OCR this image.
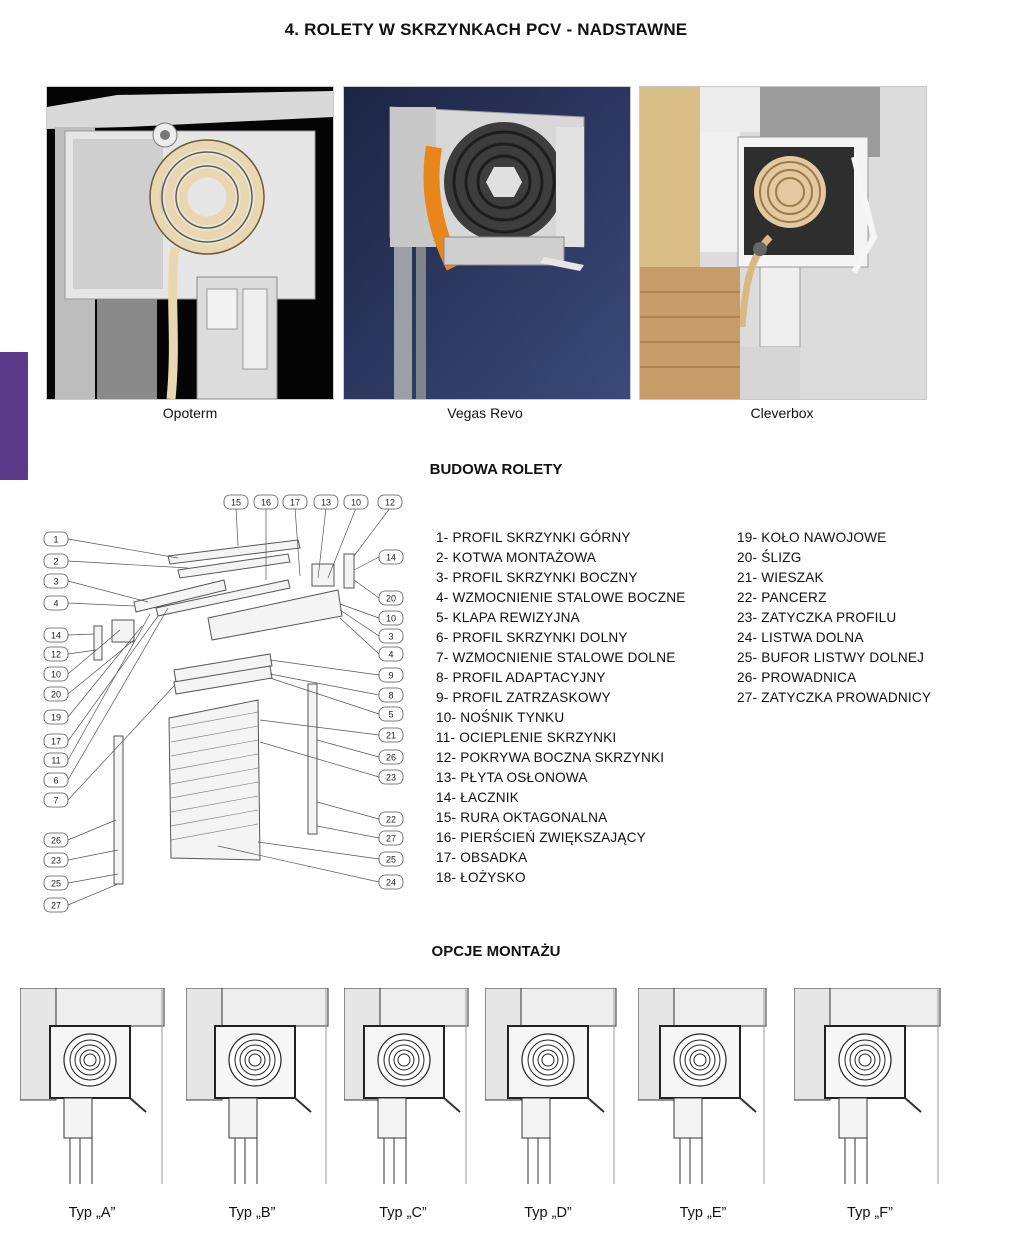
4. ROLETY W SKRZYNKACH PCV - NADSTAWNE
Opoterm	Vegas Revo	Cleverbox
BUDOWA ROLETY
1
2
3
4
14
12
10
20
19
17
11
6
7
26
23
25
27
15 16 17 13 10	12
14
20
10
3
4
9
8
5
21
26
23
22
27
25
24
1- PROFIL SKRZYNKI GÓRNY
2- KOTWA MONTAŻOWA
3- PROFIL SKRZYNKI BOCZNY
4- WZMOCNIENIE STALOWE BOCZNE
5- KLAPA REWIZYJNA
6- PROFIL SKRZYNKI DOLNY
7- WZMOCNIENIE STALOWE DOLNE
8- PROFIL ADAPTACYJNY
9- PROFIL ZATRZASKOWY
10- NOŚNIK TYNKU
11- OCIEPLENIE SKRZYNKI
12- POKRYWA BOCZNA SKRZYNKI
13- PŁYTA OSŁONOWA
14- ŁACZNIK
15- RURA OKTAGONALNA
16- PIERŚCIEŃ ZWIĘKSZAJĄCY
17- OBSADKA
18- ŁOŻYSKO
19- KOŁO NAWOJOWE
20- ŚLIZG
21- WIESZAK
22- PANCERZ
23- ZATYCZKA PROFILU
24- LISTWA DOLNA
25- BUFOR LISTWY DOLNEJ
26- PROWADNICA
27- ZATYCZKA PROWADNICY
OPCJE MONTAŻU
Typ „A”	Typ „B”	Typ „C”	Typ „D”	Typ „E”	Typ „F”
